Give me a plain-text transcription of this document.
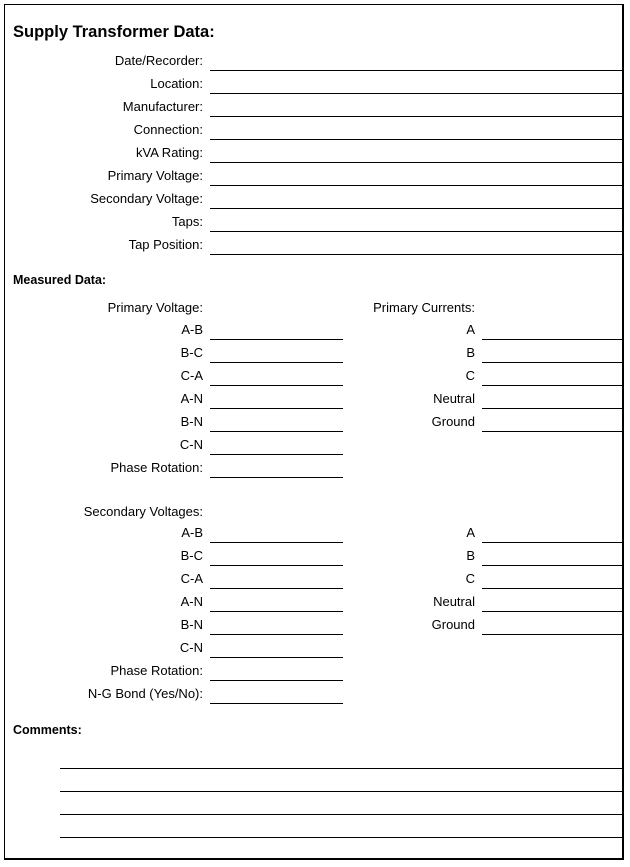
Supply Transformer Data:
Date/Recorder:
Location:
Manufacturer:
Connection:
kVA Rating:
Primary Voltage:
Secondary Voltage:
Taps:
Tap Position:
Measured Data:
Primary Voltage:
A-B
B-C
C-A
A-N
B-N
C-N
Phase Rotation:
Primary Currents:
A
B
C
Neutral
Ground
Secondary Voltages:
A-B
B-C
C-A
A-N
B-N
C-N
Phase Rotation:
N-G Bond (Yes/No):
A
B
C
Neutral
Ground
Comments:
